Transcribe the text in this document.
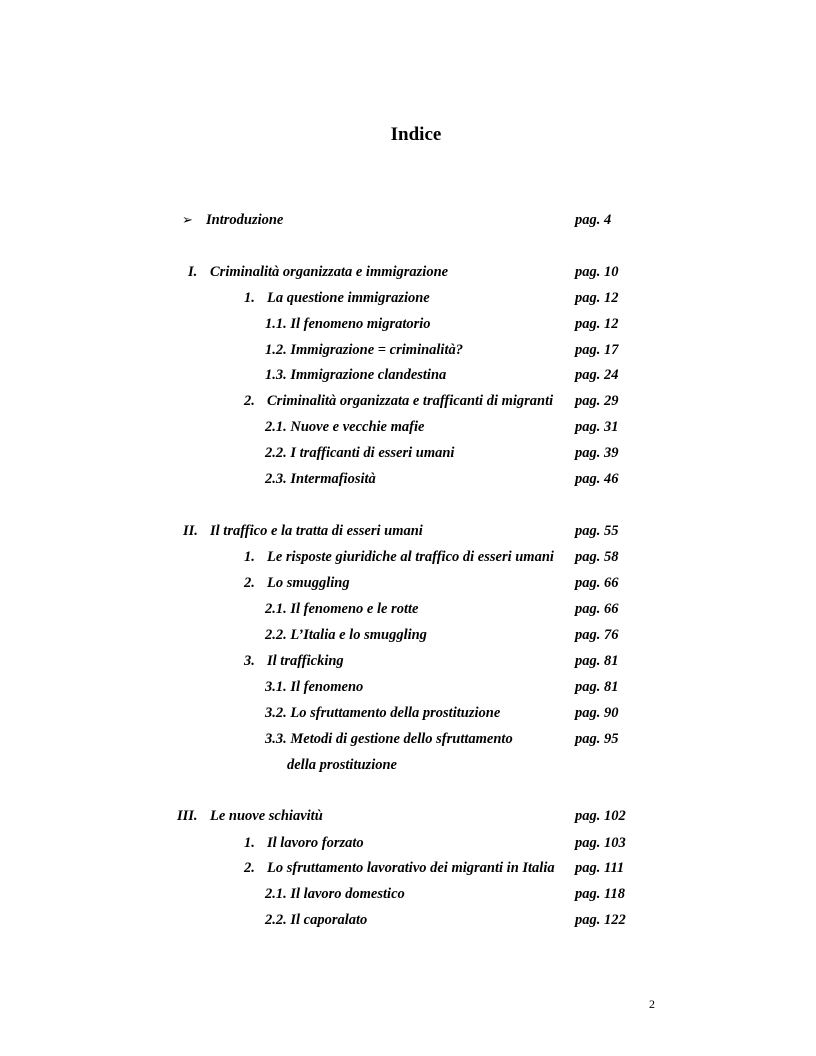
Indice
➢ Introduzione	pag. 4
I. Criminalità organizzata e immigrazione	pag. 10
1. La questione immigrazione	pag. 12
1.1. Il fenomeno migratorio	pag. 12
1.2. Immigrazione = criminalità?	pag. 17
1.3. Immigrazione clandestina	pag. 24
2. Criminalità organizzata e trafficanti di migranti pag. 29
2.1. Nuove e vecchie mafie	pag. 31
2.2. I trafficanti di esseri umani	pag. 39
2.3. Intermafiosità	pag. 46
II. Il traffico e la tratta di esseri umani	pag. 55
1. Le risposte giuridiche al traffico di esseri umani pag. 58
2. Lo smuggling	pag. 66
2.1. Il fenomeno e le rotte	pag. 66
2.2. L’Italia e lo smuggling	pag. 76
3. Il trafficking	pag. 81
3.1. Il fenomeno	pag. 81
3.2. Lo sfruttamento della prostituzione	pag. 90
3.3. Metodi di gestione dello sfruttamento	pag. 95
della prostituzione
III. Le nuove schiavitù	pag. 102
1. Il lavoro forzato	pag. 103
2. Lo sfruttamento lavorativo dei migranti in Italia pag. 111
2.1. Il lavoro domestico	pag. 118
2.2. Il caporalato	pag. 122
2
